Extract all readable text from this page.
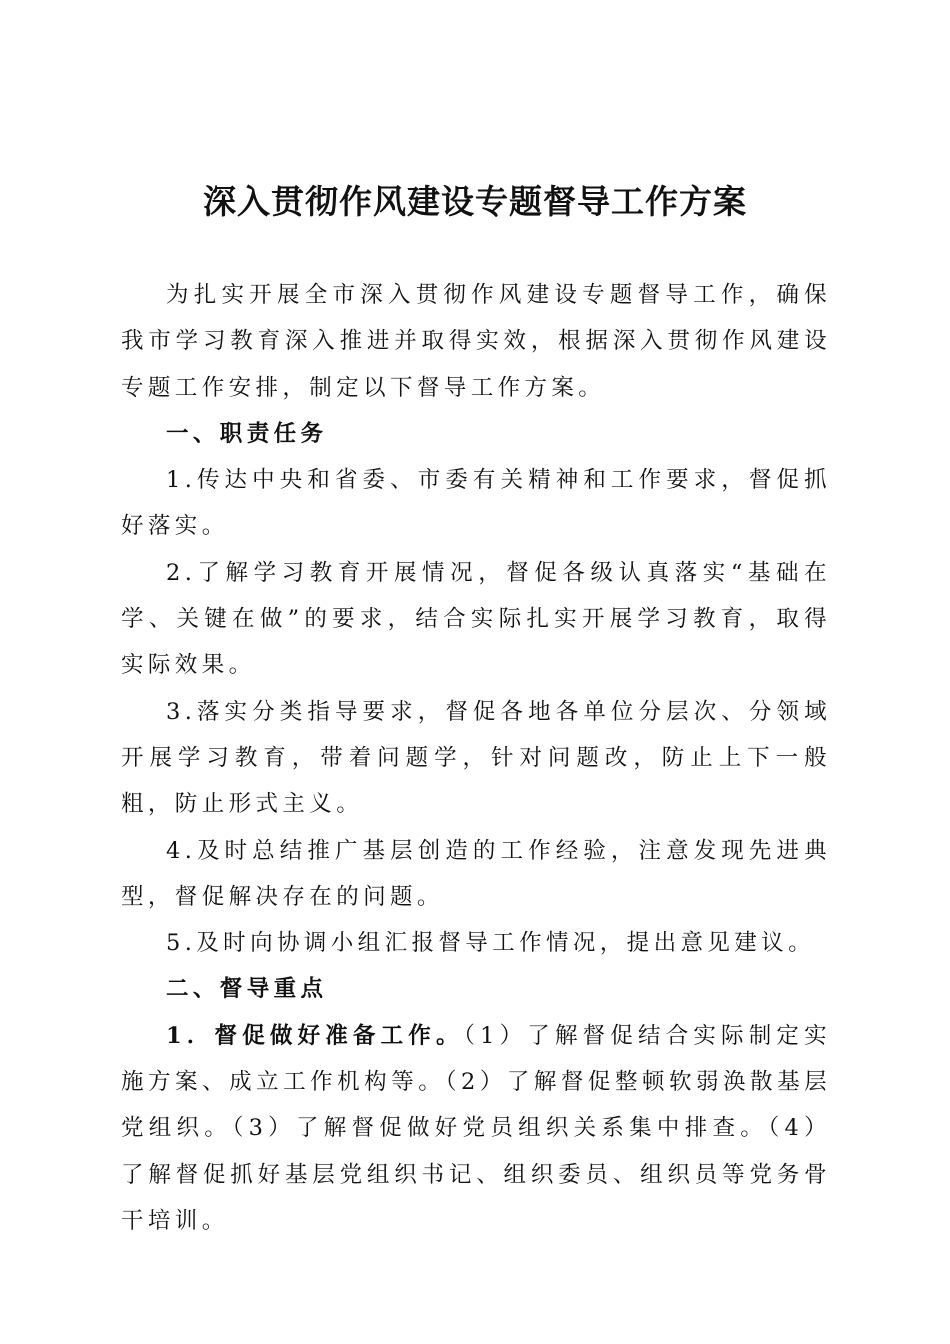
深入贯彻作风建设专题督导工作方案

为扎实开展全市深入贯彻作风建设专题督导工作，确保我市学习教育深入推进并取得实效，根据深入贯彻作风建设专题工作安排，制定以下督导工作方案。

一、职责任务

1.传达中央和省委、市委有关精神和工作要求，督促抓好落实。

2.了解学习教育开展情况，督促各级认真落实“基础在学、关键在做”的要求，结合实际扎实开展学习教育，取得实际效果。

3.落实分类指导要求，督促各地各单位分层次、分领域开展学习教育，带着问题学，针对问题改，防止上下一般粗，防止形式主义。

4.及时总结推广基层创造的工作经验，注意发现先进典型，督促解决存在的问题。

5.及时向协调小组汇报督导工作情况，提出意见建议。

二、督导重点

1．督促做好准备工作。（1）了解督促结合实际制定实施方案、成立工作机构等。（2）了解督促整顿软弱涣散基层党组织。（3）了解督促做好党员组织关系集中排查。（4）了解督促抓好基层党组织书记、组织委员、组织员等党务骨干培训。
